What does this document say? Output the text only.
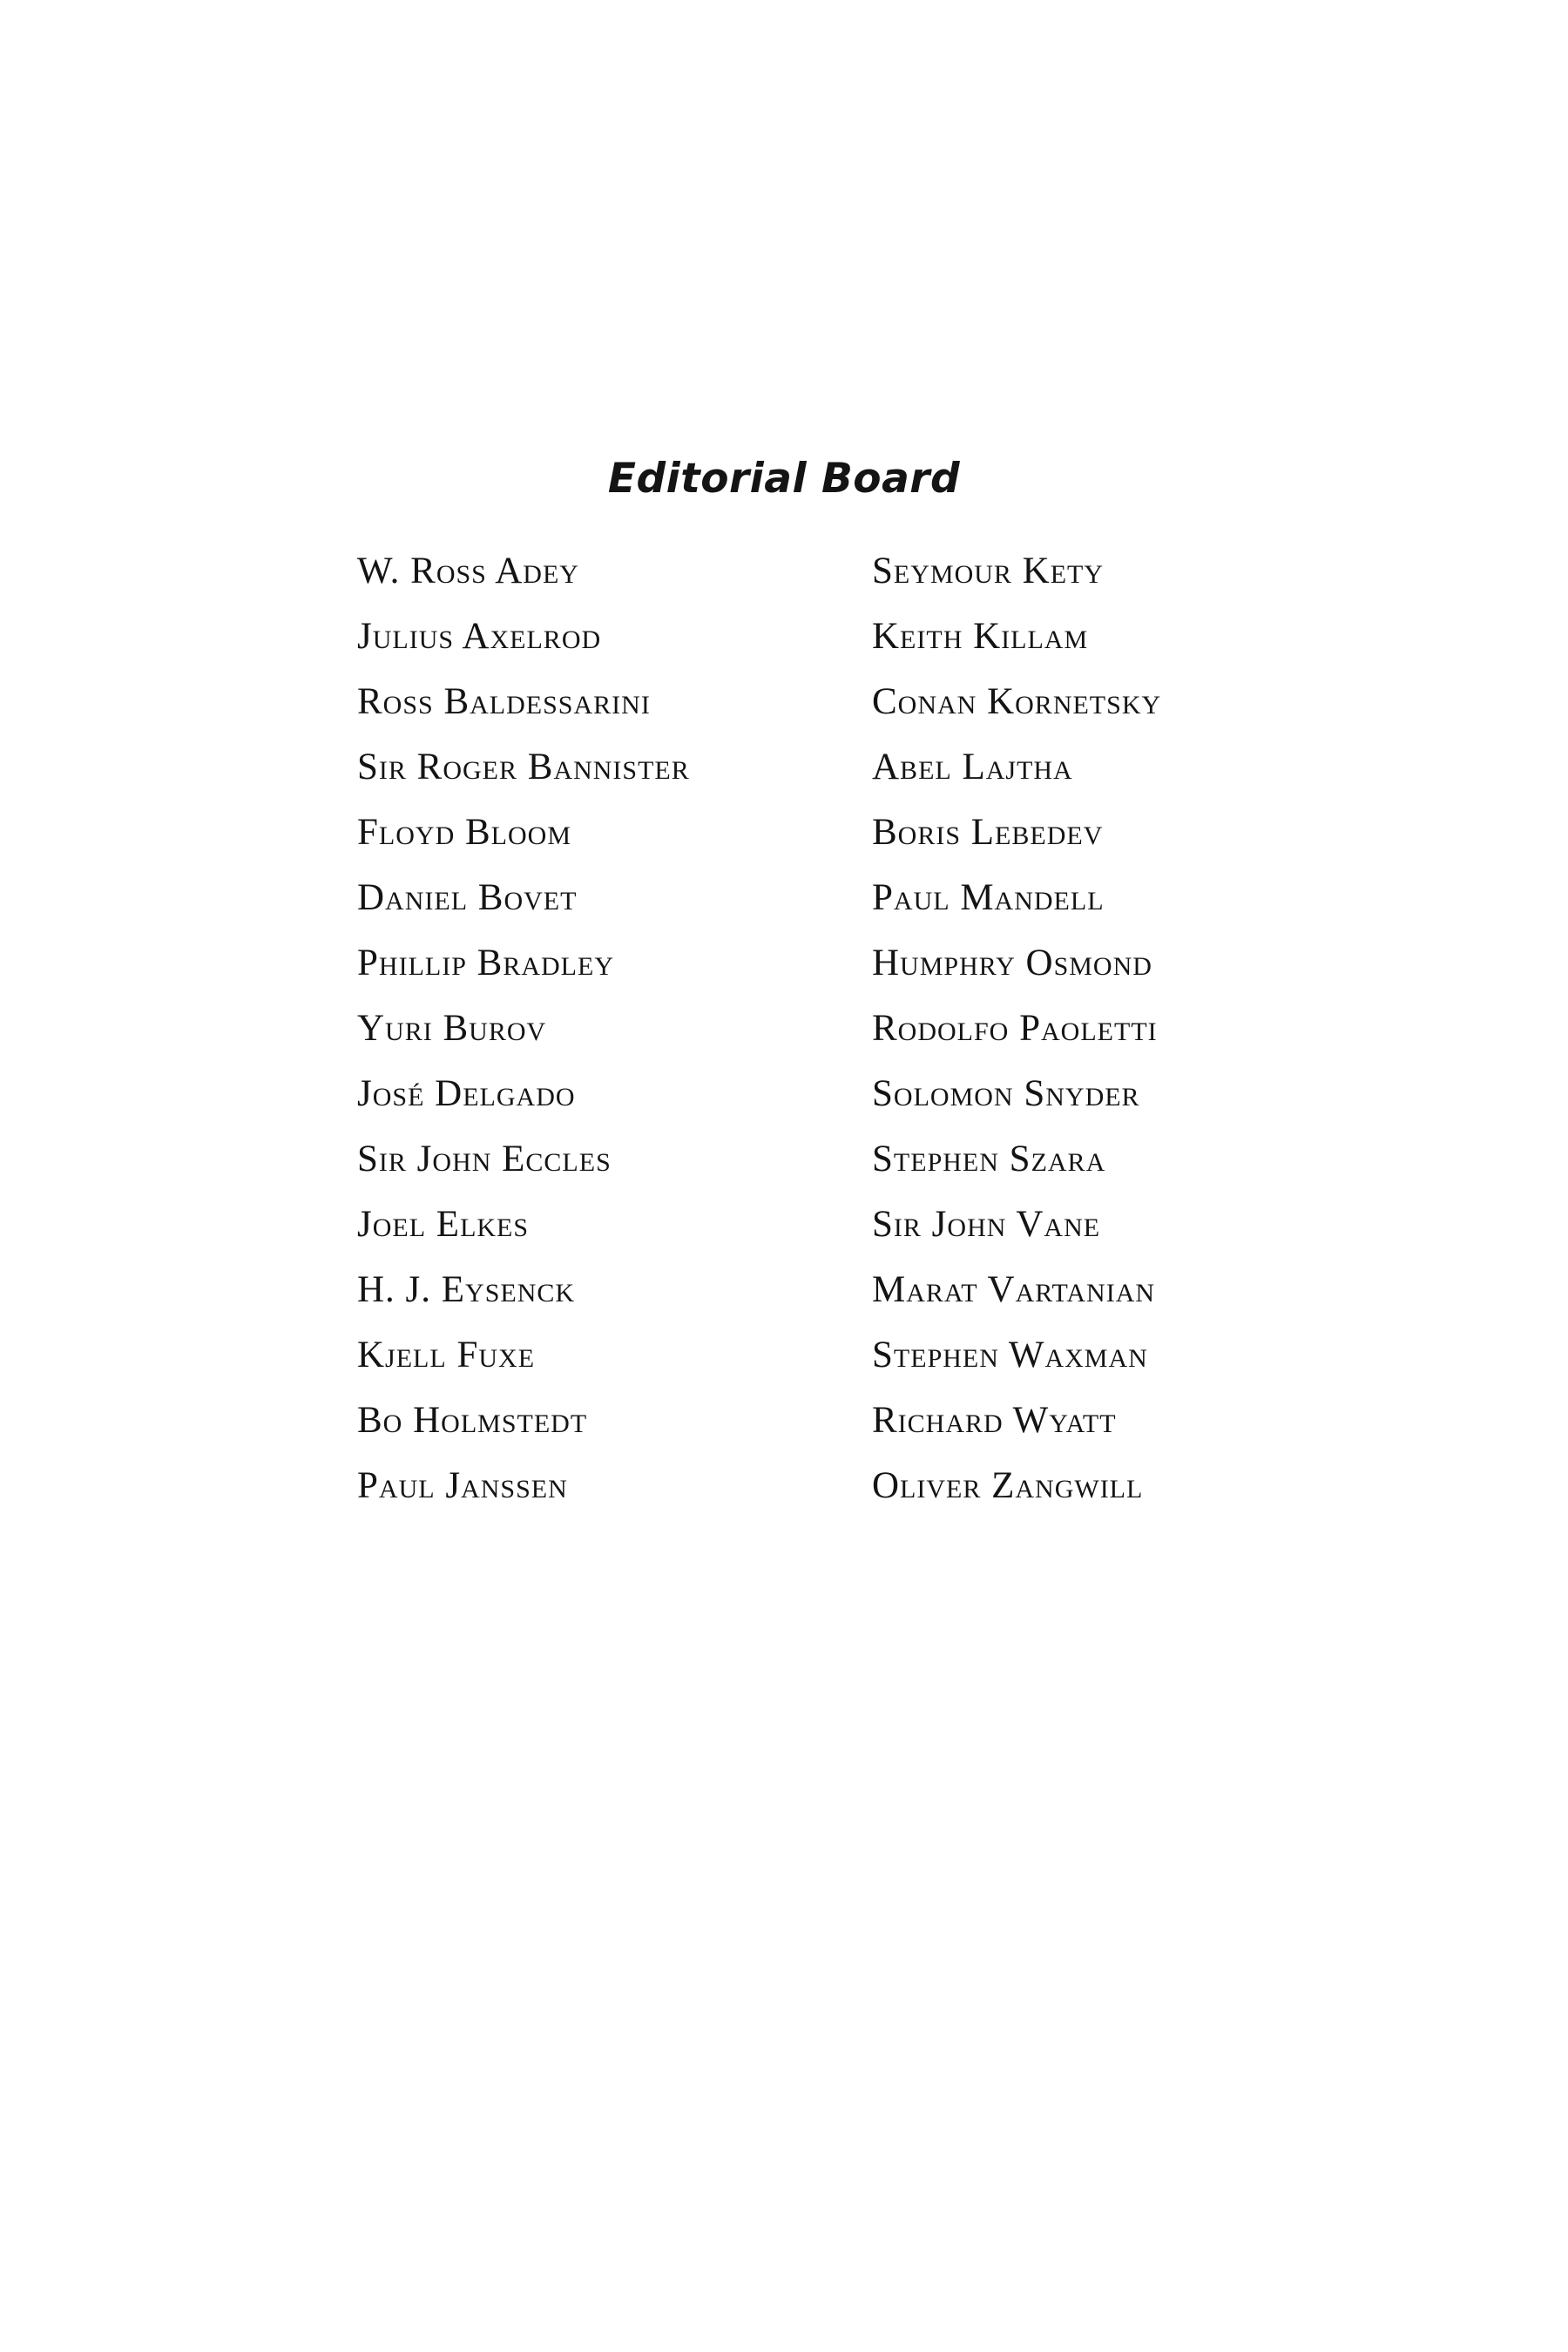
Editorial Board
W. Ross Adey
Julius Axelrod
Ross Baldessarini
Sir Roger Bannister
Floyd Bloom
Daniel Bovet
Phillip Bradley
Yuri Burov
José Delgado
Sir John Eccles
Joel Elkes
H. J. Eysenck
Kjell Fuxe
Bo Holmstedt
Paul Janssen
Seymour Kety
Keith Killam
Conan Kornetsky
Abel Lajtha
Boris Lebedev
Paul Mandell
Humphry Osmond
Rodolfo Paoletti
Solomon Snyder
Stephen Szara
Sir John Vane
Marat Vartanian
Stephen Waxman
Richard Wyatt
Oliver Zangwill
